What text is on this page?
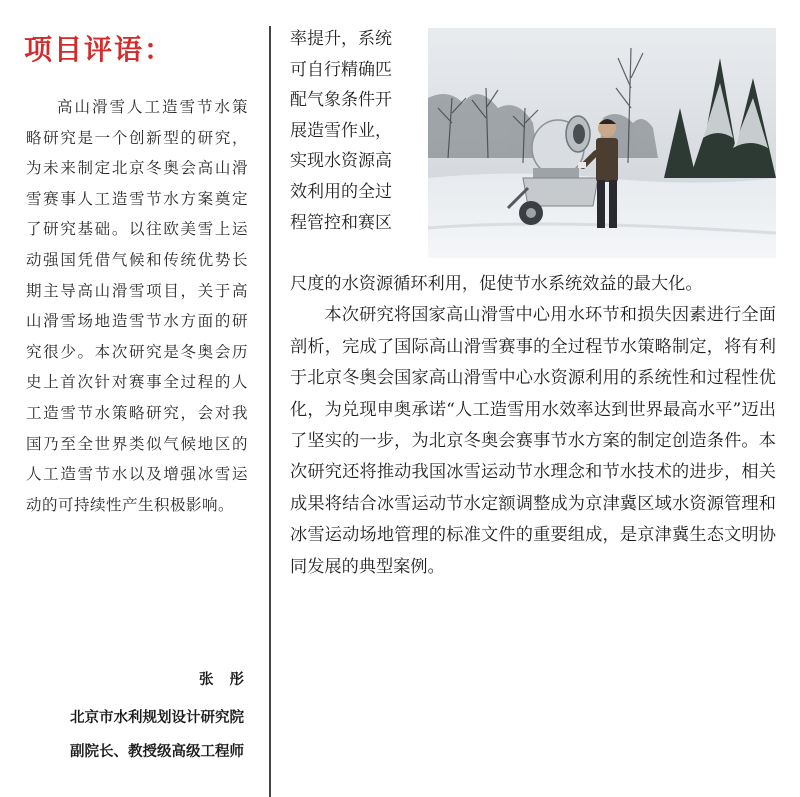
项目评语：
高山滑雪人工造雪节水策略研究是一个创新型的研究，为未来制定北京冬奥会高山滑雪赛事人工造雪节水方案奠定了研究基础。以往欧美雪上运动强国凭借气候和传统优势长期主导高山滑雪项目，关于高山滑雪场地造雪节水方面的研究很少。本次研究是冬奥会历史上首次针对赛事全过程的人工造雪节水策略研究，会对我国乃至全世界类似气候地区的人工造雪节水以及增强冰雪运动的可持续性产生积极影响。
张彤
北京市水利规划设计研究院
副院长、教授级高级工程师
率提升，系统
可自行精确匹
配气象条件开
展造雪作业，
实现水资源高
效利用的全过
程管控和赛区

尺度的水资源循环利用，促使节水系统效益的最大化。

本次研究将国家高山滑雪中心用水环节和损失因素进行全面剖析，完成了国际高山滑雪赛事的全过程节水策略制定，将有利于北京冬奥会国家高山滑雪中心水资源利用的系统性和过程性优化，为兑现申奥承诺“人工造雪用水效率达到世界最高水平”迈出了坚实的一步，为北京冬奥会赛事节水方案的制定创造条件。本次研究还将推动我国冰雪运动节水理念和节水技术的进步，相关成果将结合冰雪运动节水定额调整成为京津冀区域水资源管理和冰雪运动场地管理的标准文件的重要组成，是京津冀生态文明协同发展的典型案例。
